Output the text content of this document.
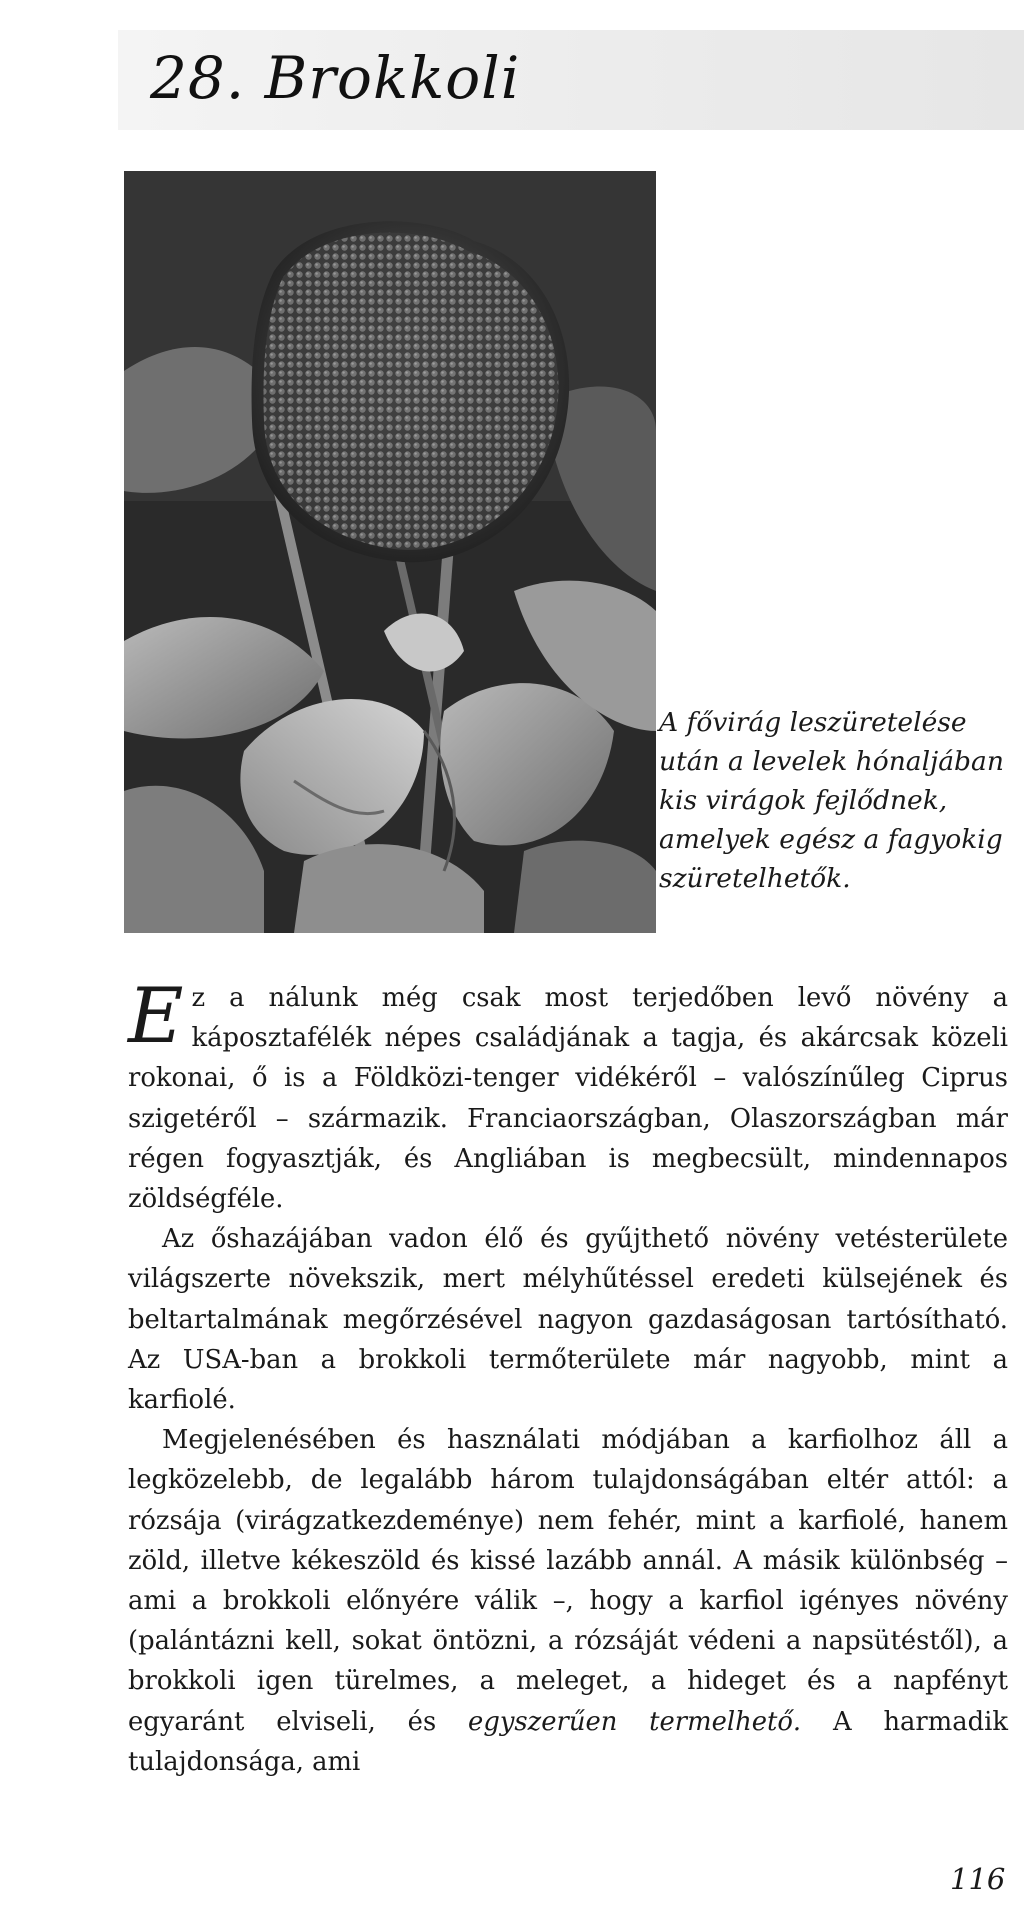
28. Brokkoli

A fővirág leszüretelése után a levelek hónaljában kis virágok fejlődnek, amelyek egész a fagyokig szüretelhetők.

Ez a nálunk még csak most terjedőben levő növény a káposztafélék népes családjának a tagja, és akárcsak közeli rokonai, ő is a Földközi-tenger vidékéről – valószínűleg Ciprus szigetéről – származik. Franciaországban, Olaszországban már régen fogyasztják, és Angliában is megbecsült, mindennapos zöldségféle.

Az őshazájában vadon élő és gyűjthető növény vetésterülete világszerte növekszik, mert mélyhűtéssel eredeti külsejének és beltartalmának megőrzésével nagyon gazdaságosan tartósítható. Az USA-ban a brokkoli termőterülete már nagyobb, mint a karfiolé.

Megjelenésében és használati módjában a karfiolhoz áll a legközelebb, de legalább három tulajdonságában eltér attól: a rózsája (virágzatkezdeménye) nem fehér, mint a karfiolé, hanem zöld, illetve kékeszöld és kissé lazább annál. A másik különbség – ami a brokkoli előnyére válik –, hogy a karfiol igényes növény (palántázni kell, sokat öntözni, a rózsáját védeni a napsütéstől), a brokkoli igen türelmes, a meleget, a hideget és a napfényt egyaránt elviseli, és egyszerűen termelhető. A harmadik tulajdonsága, ami

116
